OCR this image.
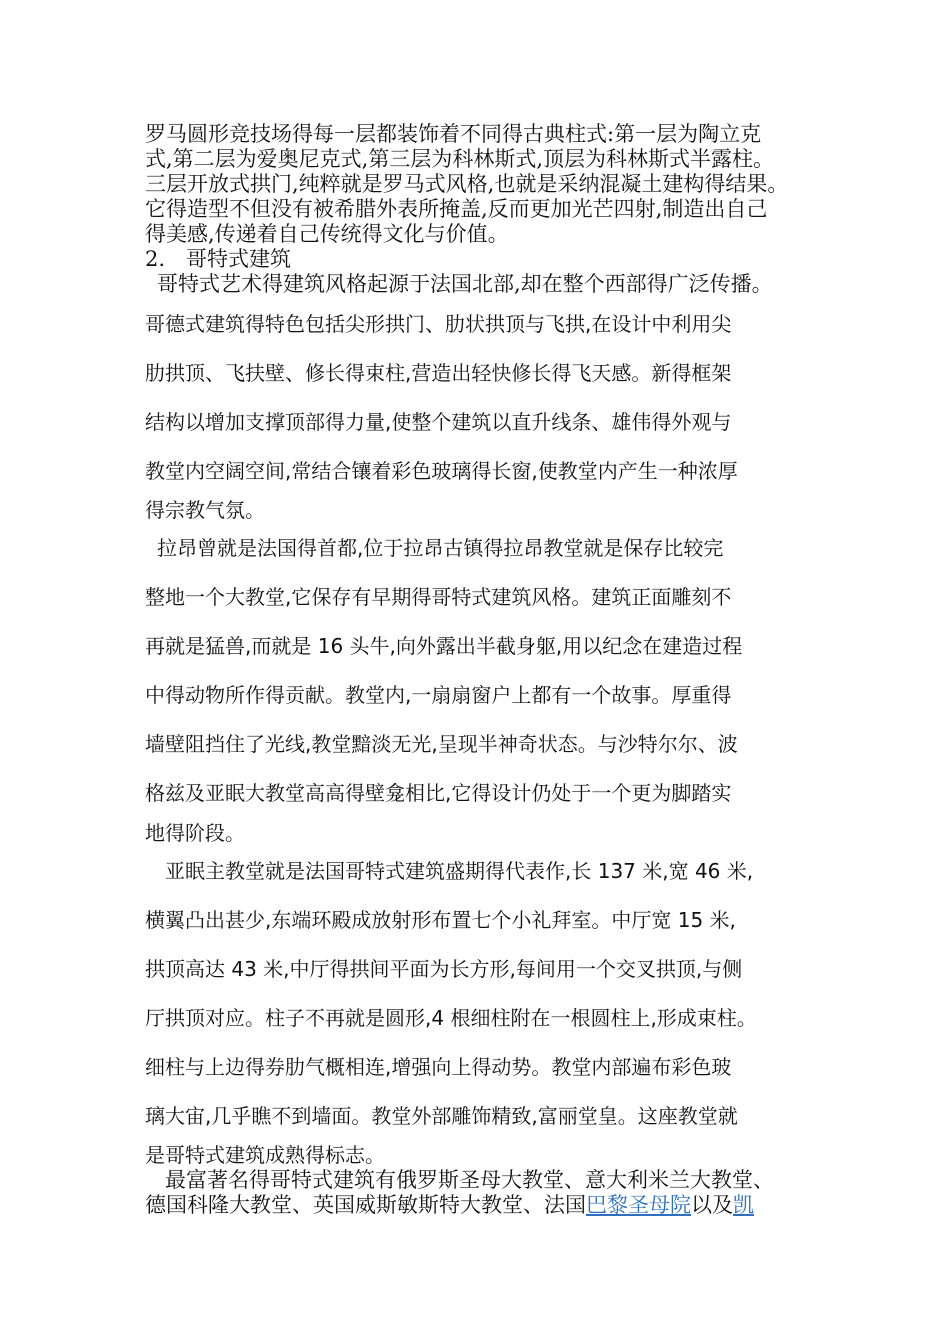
罗马圆形竞技场得每一层都装饰着不同得古典柱式:第一层为陶立克
式,第二层为爱奥尼克式,第三层为科林斯式,顶层为科林斯式半露柱。
三层开放式拱门,纯粹就是罗马式风格,也就是采纳混凝土建构得结果。
它得造型不但没有被希腊外表所掩盖,反而更加光芒四射,制造出自己
得美感,传递着自己传统得文化与价值。
2.　哥特式建筑
哥特式艺术得建筑风格起源于法国北部,却在整个西部得广泛传播。
哥德式建筑得特色包括尖形拱门、肋状拱顶与飞拱,在设计中利用尖
肋拱顶、飞扶壁、修长得束柱,营造出轻快修长得飞天感。新得框架
结构以增加支撑顶部得力量,使整个建筑以直升线条、雄伟得外观与
教堂内空阔空间,常结合镶着彩色玻璃得长窗,使教堂内产生一种浓厚
得宗教气氛。
拉昂曾就是法国得首都,位于拉昂古镇得拉昂教堂就是保存比较完
整地一个大教堂,它保存有早期得哥特式建筑风格。建筑正面雕刻不
再就是猛兽,而就是 16 头牛,向外露出半截身躯,用以纪念在建造过程
中得动物所作得贡献。教堂内,一扇扇窗户上都有一个故事。厚重得
墙壁阻挡住了光线,教堂黯淡无光,呈现半神奇状态。与沙特尔尔、波
格兹及亚眠大教堂高高得壁龛相比,它得设计仍处于一个更为脚踏实
地得阶段。
亚眠主教堂就是法国哥特式建筑盛期得代表作,长 137 米,宽 46 米,
横翼凸出甚少,东端环殿成放射形布置七个小礼拜室。中厅宽 15 米,
拱顶高达 43 米,中厅得拱间平面为长方形,每间用一个交叉拱顶,与侧
厅拱顶对应。柱子不再就是圆形,4 根细柱附在一根圆柱上,形成束柱。
细柱与上边得券肋气概相连,增强向上得动势。教堂内部遍布彩色玻
璃大宙,几乎瞧不到墙面。教堂外部雕饰精致,富丽堂皇。这座教堂就
是哥特式建筑成熟得标志。
最富著名得哥特式建筑有俄罗斯圣母大教堂、意大利米兰大教堂、
德国科隆大教堂、英国威斯敏斯特大教堂、法国巴黎圣母院以及凯
